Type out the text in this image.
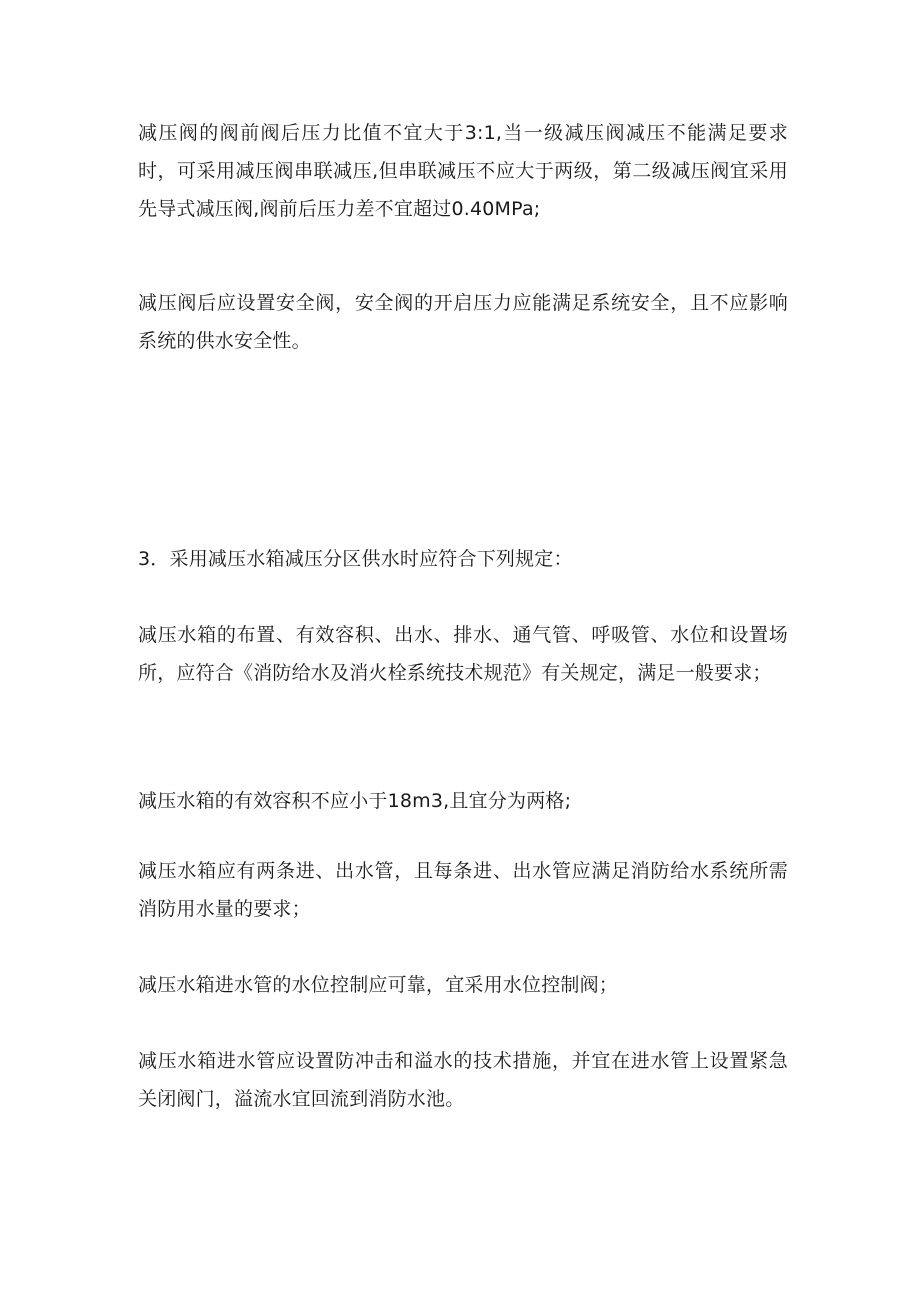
减压阀的阀前阀后压力比值不宜大于3:1,当一级减压阀减压不能满足要求时，可采用减压阀串联减压,但串联减压不应大于两级，第二级减压阀宜采用先导式减压阀,阀前后压力差不宜超过0.40MPa;

减压阀后应设置安全阀，安全阀的开启压力应能满足系统安全，且不应影响系统的供水安全性。

3．采用减压水箱减压分区供水时应符合下列规定：

减压水箱的布置、有效容积、出水、排水、通气管、呼吸管、水位和设置场所，应符合《消防给水及消火栓系统技术规范》有关规定，满足一般要求；

减压水箱的有效容积不应小于18m3,且宜分为两格;

减压水箱应有两条进、出水管，且每条进、出水管应满足消防给水系统所需消防用水量的要求；

减压水箱进水管的水位控制应可靠，宜采用水位控制阀；

减压水箱进水管应设置防冲击和溢水的技术措施，并宜在进水管上设置紧急关闭阀门，溢流水宜回流到消防水池。
